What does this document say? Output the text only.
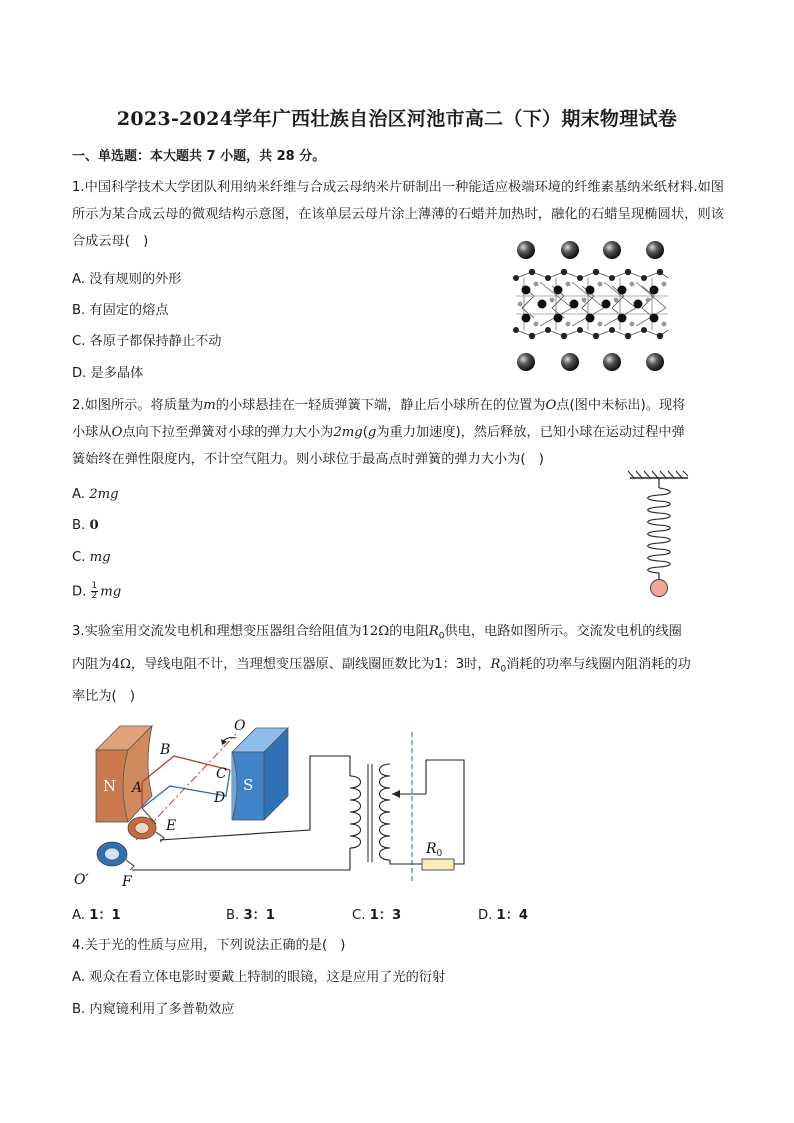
2023-2024学年广西壮族自治区河池市高二（下）期末物理试卷
一、单选题：本大题共 7 小题，共 28 分。
1.中国科学技术大学团队利用纳米纤维与合成云母纳米片研制出一种能适应极端环境的纤维素基纳米纸材料.如图所示为某合成云母的微观结构示意图，在该单层云母片涂上薄薄的石蜡并加热时，融化的石蜡呈现椭圆状，则该合成云母(　)
A. 没有规则的外形
B. 有固定的熔点
C. 各原子都保持静止不动
D. 是多晶体
2.如图所示。将质量为m的小球悬挂在一轻质弹簧下端，静止后小球所在的位置为O点(图中未标出)。现将
小球从O点向下拉至弹簧对小球的弹力大小为2mg(g为重力加速度)，然后释放，已知小球在运动过程中弹
簧始终在弹性限度内，不计空气阻力。则小球位于最高点时弹簧的弹力大小为(　)
A. 2mg
B. 0
C. mg
D. $\frac{1}{2}$ mg
3.实验室用交流发电机和理想变压器组合给阻值为12Ω的电阻$R_0$供电，电路如图所示。交流发电机的线圈
内阻为4Ω，导线电阻不计，当理想变压器原、副线圈匝数比为1：3时，$R_0$消耗的功率与线圈内阻消耗的功
率比为(　)
N	S
O
B
A
C
D
E
F
O′
$R_0$
A. 1：1	B. 3：1	C. 1：3	D. 1：4
4.关于光的性质与应用，下列说法正确的是(　)
A. 观众在看立体电影时要戴上特制的眼镜，这是应用了光的衍射
B. 内窥镜利用了多普勒效应
